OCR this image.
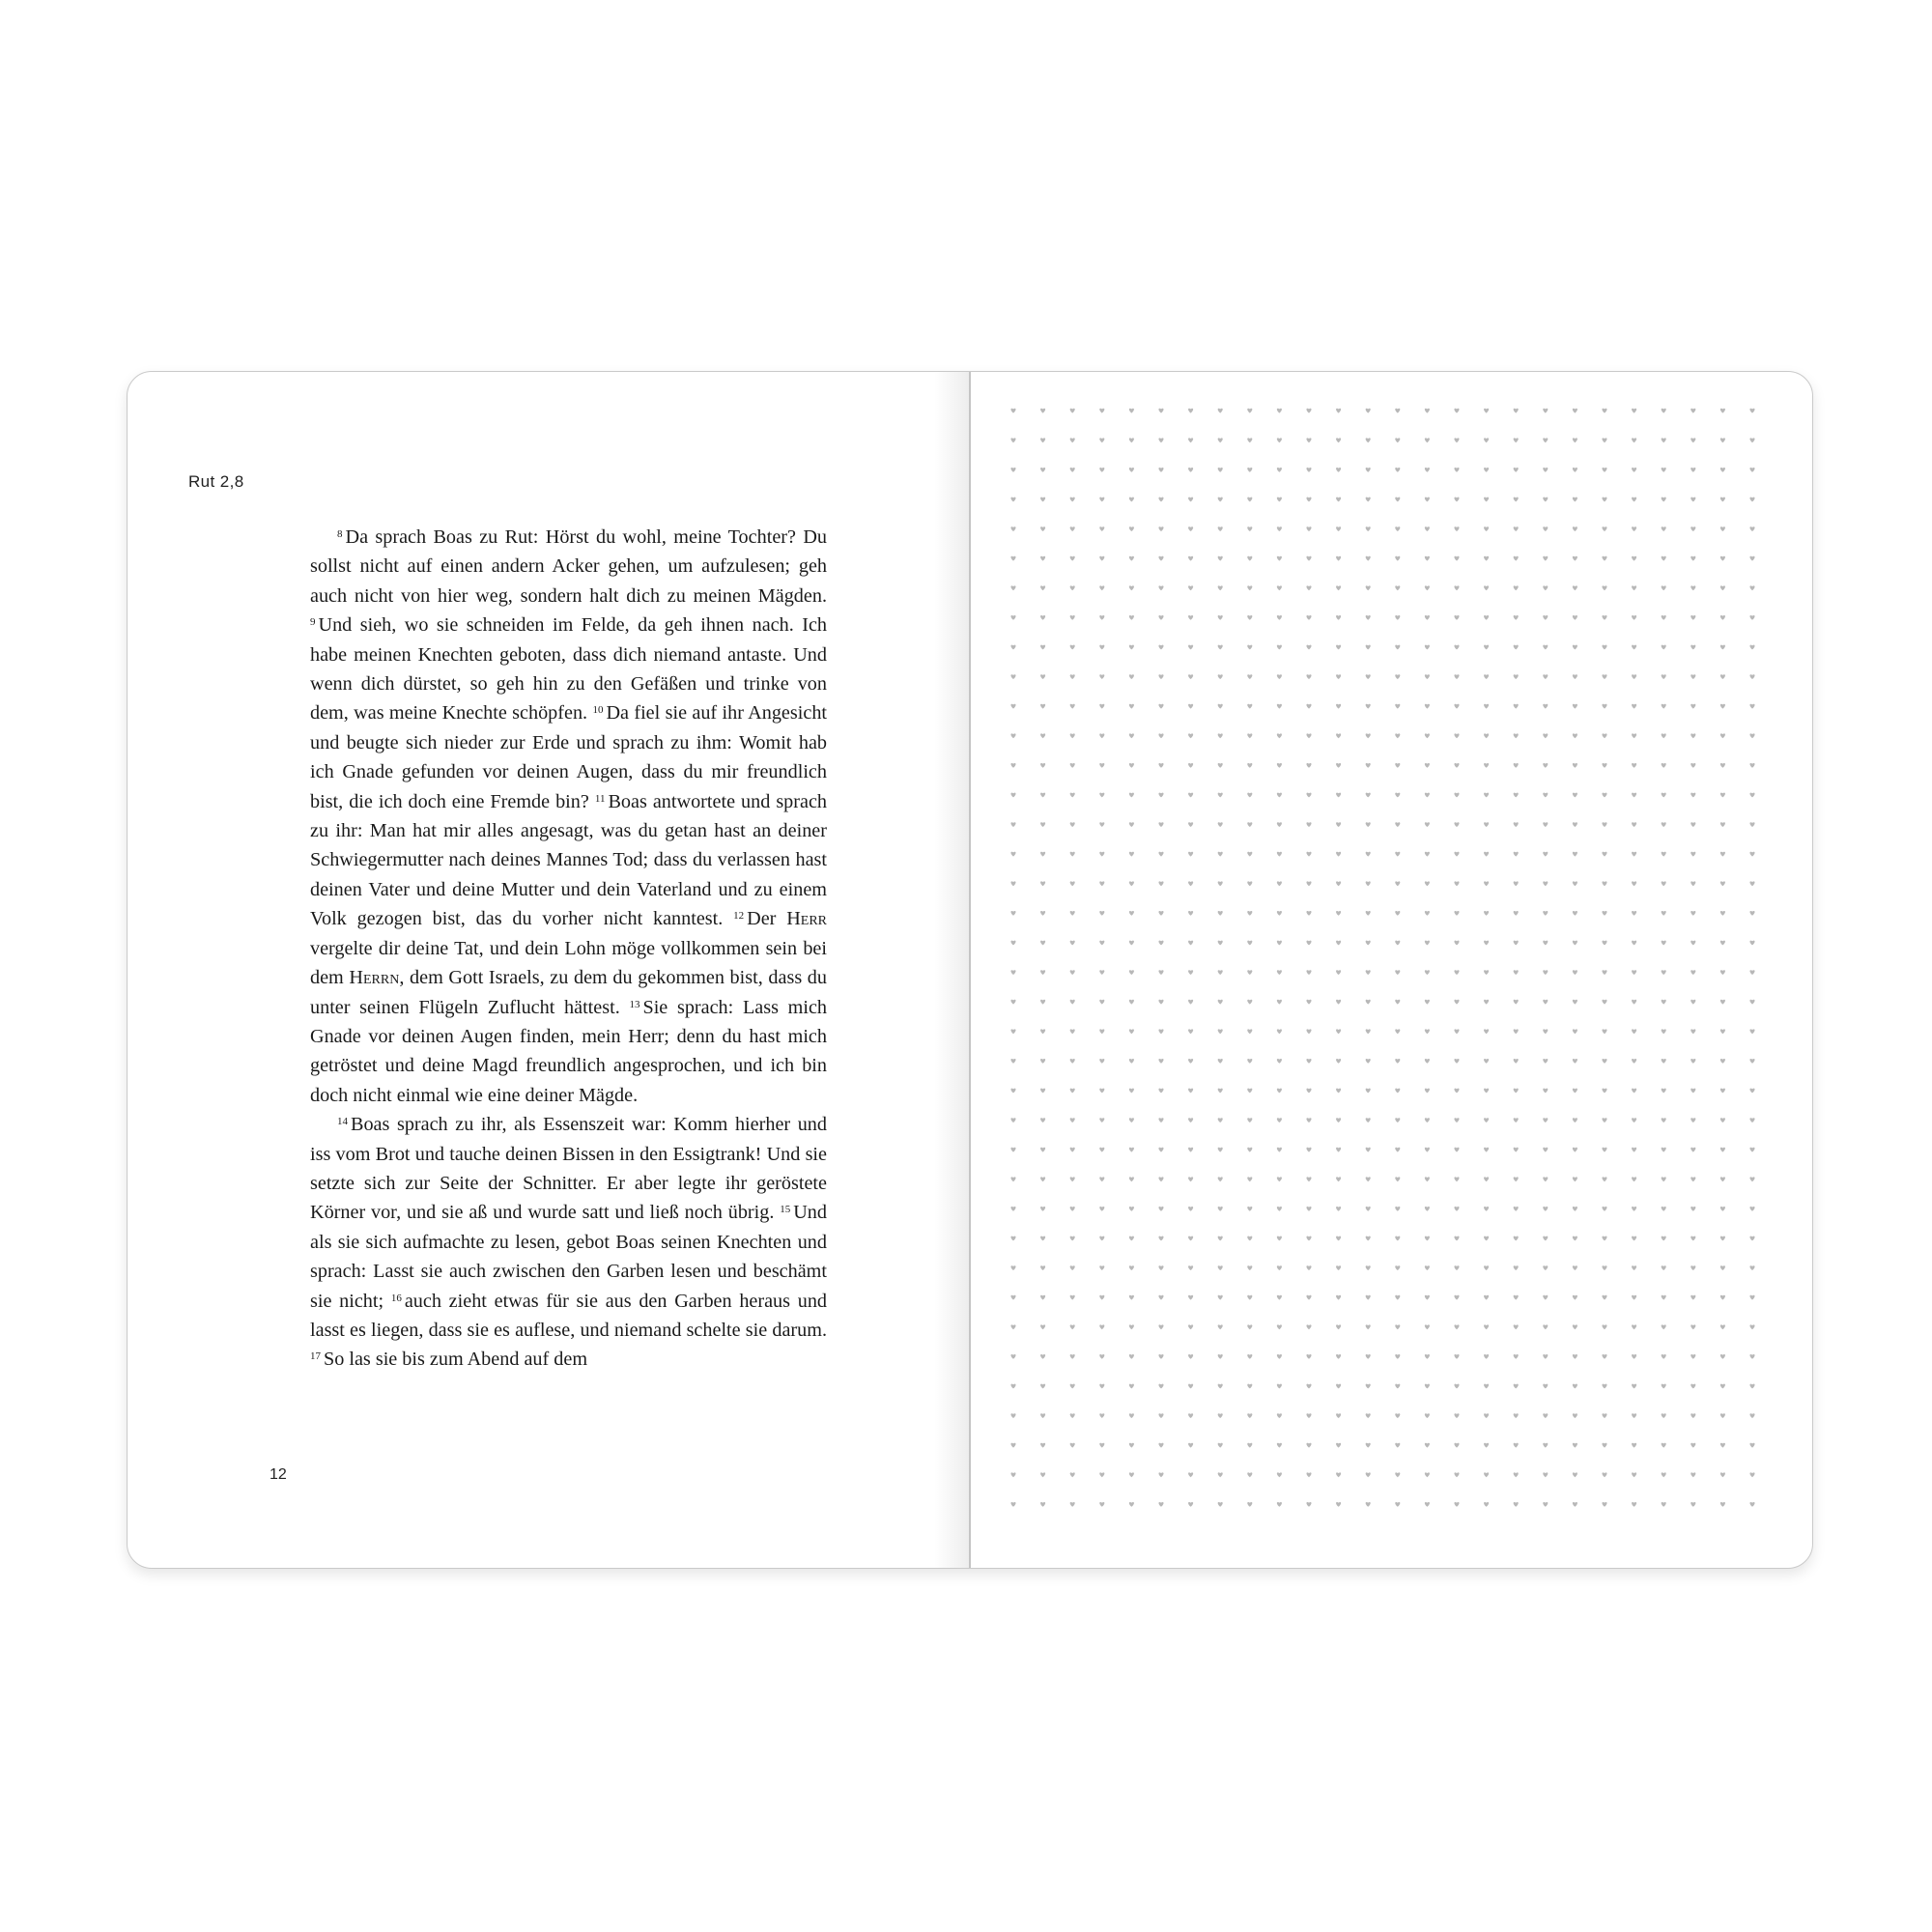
Rut 2,8

$^8$ Da sprach Boas zu Rut: Hörst du wohl, meine Tochter? Du sollst nicht auf einen andern Acker gehen, um aufzulesen; geh auch nicht von hier weg, sondern halt dich zu meinen Mägden. $^9$ Und sieh, wo sie schneiden im Felde, da geh ihnen nach. Ich habe meinen Knechten geboten, dass dich niemand antaste. Und wenn dich dürstet, so geh hin zu den Gefäßen und trinke von dem, was meine Knechte schöpfen. $^{10}$ Da fiel sie auf ihr Angesicht und beugte sich nieder zur Erde und sprach zu ihm: Womit hab ich Gnade gefunden vor deinen Augen, dass du mir freundlich bist, die ich doch eine Fremde bin? $^{11}$ Boas antwortete und sprach zu ihr: Man hat mir alles angesagt, was du getan hast an deiner Schwiegermutter nach deines Mannes Tod; dass du verlassen hast deinen Vater und deine Mutter und dein Vaterland und zu einem Volk gezogen bist, das du vorher nicht kanntest. $^{12}$ Der Herr vergelte dir deine Tat, und dein Lohn möge vollkommen sein bei dem Herrn, dem Gott Israels, zu dem du gekommen bist, dass du unter seinen Flügeln Zuflucht hättest. $^{13}$ Sie sprach: Lass mich Gnade vor deinen Augen finden, mein Herr; denn du hast mich getröstet und deine Magd freundlich angesprochen, und ich bin doch nicht einmal wie eine deiner Mägde.

$^{14}$ Boas sprach zu ihr, als Essenszeit war: Komm hierher und iss vom Brot und tauche deinen Bissen in den Essigtrank! Und sie setzte sich zur Seite der Schnitter. Er aber legte ihr geröstete Körner vor, und sie aß und wurde satt und ließ noch übrig. $^{15}$ Und als sie sich aufmachte zu lesen, gebot Boas seinen Knechten und sprach: Lasst sie auch zwischen den Garben lesen und beschämt sie nicht; $^{16}$ auch zieht etwas für sie aus den Garben heraus und lasst es liegen, dass sie es auflese, und niemand schelte sie darum. $^{17}$ So las sie bis zum Abend auf dem

12
